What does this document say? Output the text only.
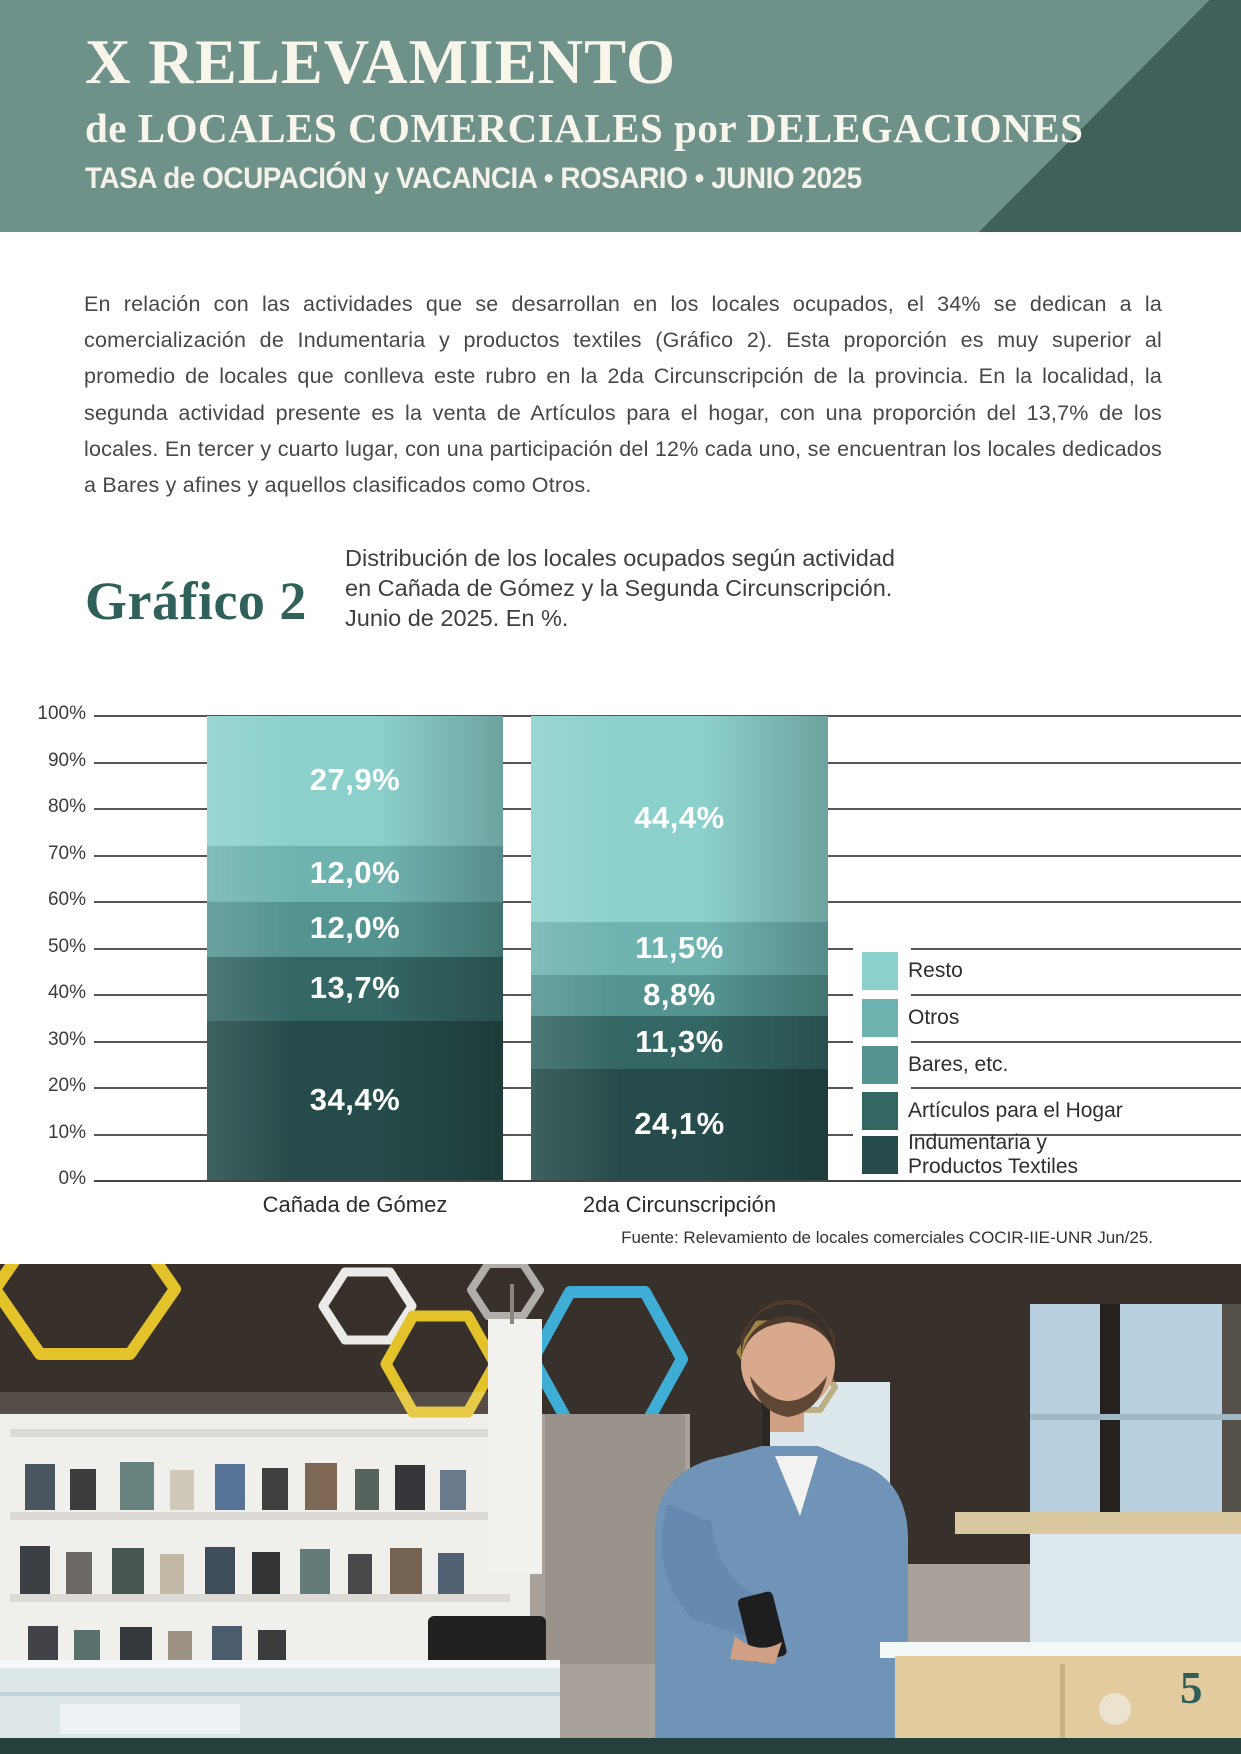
X RELEVAMIENTO
de LOCALES COMERCIALES por DELEGACIONES
TASA de OCUPACIÓN y VACANCIA • ROSARIO • JUNIO 2025
En relación con las actividades que se desarrollan en los locales ocupados, el 34% se dedican a la comercialización de Indumentaria y productos textiles (Gráfico 2). Esta proporción es muy superior al promedio de locales que conlleva este rubro en la 2da Circunscripción de la provincia. En la localidad, la segunda actividad presente es la venta de Artículos para el hogar, con una proporción del 13,7% de los locales. En tercer y cuarto lugar, con una participación del 12% cada uno, se encuentran los locales dedicados a Bares y afines y aquellos clasificados como Otros.
Gráfico 2
Distribución de los locales ocupados según actividad
en Cañada de Gómez y la Segunda Circunscripción.
Junio de 2025. En %.
0%
10%
20%
30%
40%
50%
60%
70%
80%
90%
100%
34,4%
13,7%
12,0%
12,0%
27,9%
Cañada de Gómez
24,1%
11,3%
8,8%
11,5%
44,4%
2da Circunscripción
Resto
Otros
Bares, etc.
Artículos para el Hogar
Indumentaria y
Productos Textiles
Fuente: Relevamiento de locales comerciales COCIR-IIE-UNR Jun/25.
5
